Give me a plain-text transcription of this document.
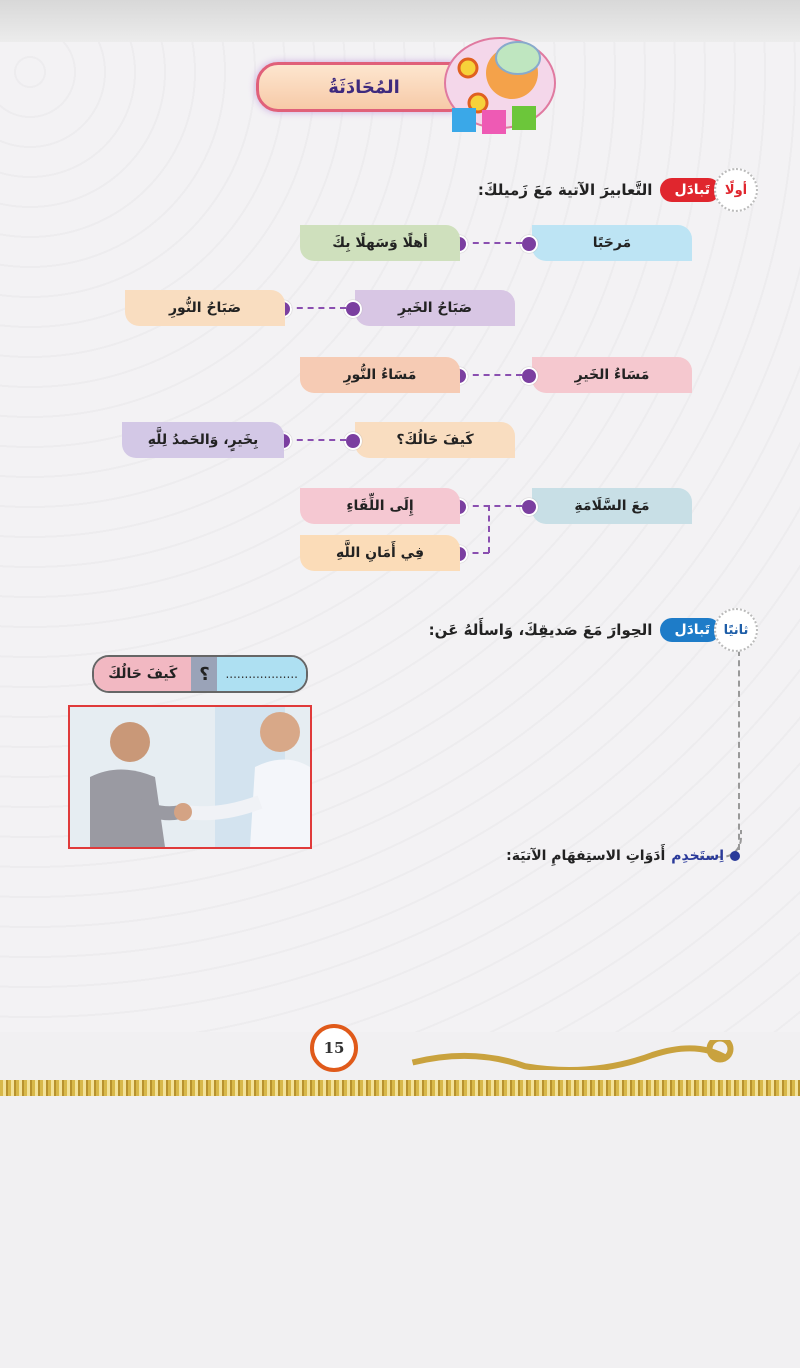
المُحَادَثَةُ
أولًا
تَبادَل
التَّعابيرَ الآتية مَعَ زَميلكَ:
مَرحَبًا
أهلًا وَسَهلًا بِكَ
صَبَاحُ الخَيرِ
صَبَاحُ النُّورِ
مَسَاءُ الخَيرِ
مَسَاءُ النُّورِ
كَيفَ حَالُكَ؟
بِخَيرٍ، وَالحَمدُ لِلَّهِ
مَعَ السَّلَامَةِ
إِلَى اللِّقَاءِ
فِي أَمَانِ اللَّهِ
ثانيًا
تَبادَل
الحِوارَ مَعَ صَديقِكَ، وَاسأَلهُ عَن:
...................
؟
كَيفَ حَالُكَ
اِستَخدِم
أَدَوَاتِ الاستِفهَامِ الآتيَة:
15
